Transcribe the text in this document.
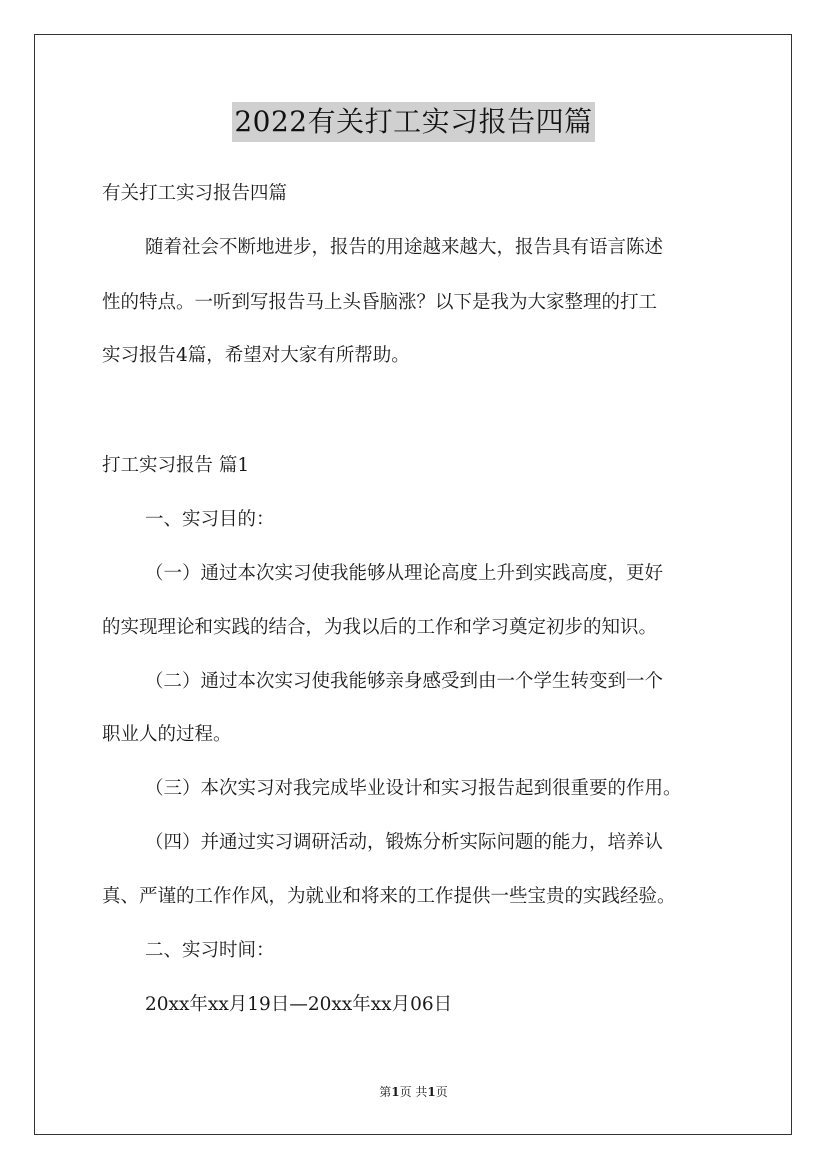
2022有关打工实习报告四篇
有关打工实习报告四篇
随着社会不断地进步，报告的用途越来越大，报告具有语言陈述
性的特点。一听到写报告马上头昏脑涨？以下是我为大家整理的打工
实习报告4篇，希望对大家有所帮助。
打工实习报告 篇1
一、实习目的：
（一）通过本次实习使我能够从理论高度上升到实践高度，更好
的实现理论和实践的结合，为我以后的工作和学习奠定初步的知识。
（二）通过本次实习使我能够亲身感受到由一个学生转变到一个
职业人的过程。
（三）本次实习对我完成毕业设计和实习报告起到很重要的作用。
（四）并通过实习调研活动，锻炼分析实际问题的能力，培养认
真、严谨的工作作风，为就业和将来的工作提供一些宝贵的实践经验。
二、实习时间：
20xx年xx月19日—20xx年xx月06日
第1页 共1页
